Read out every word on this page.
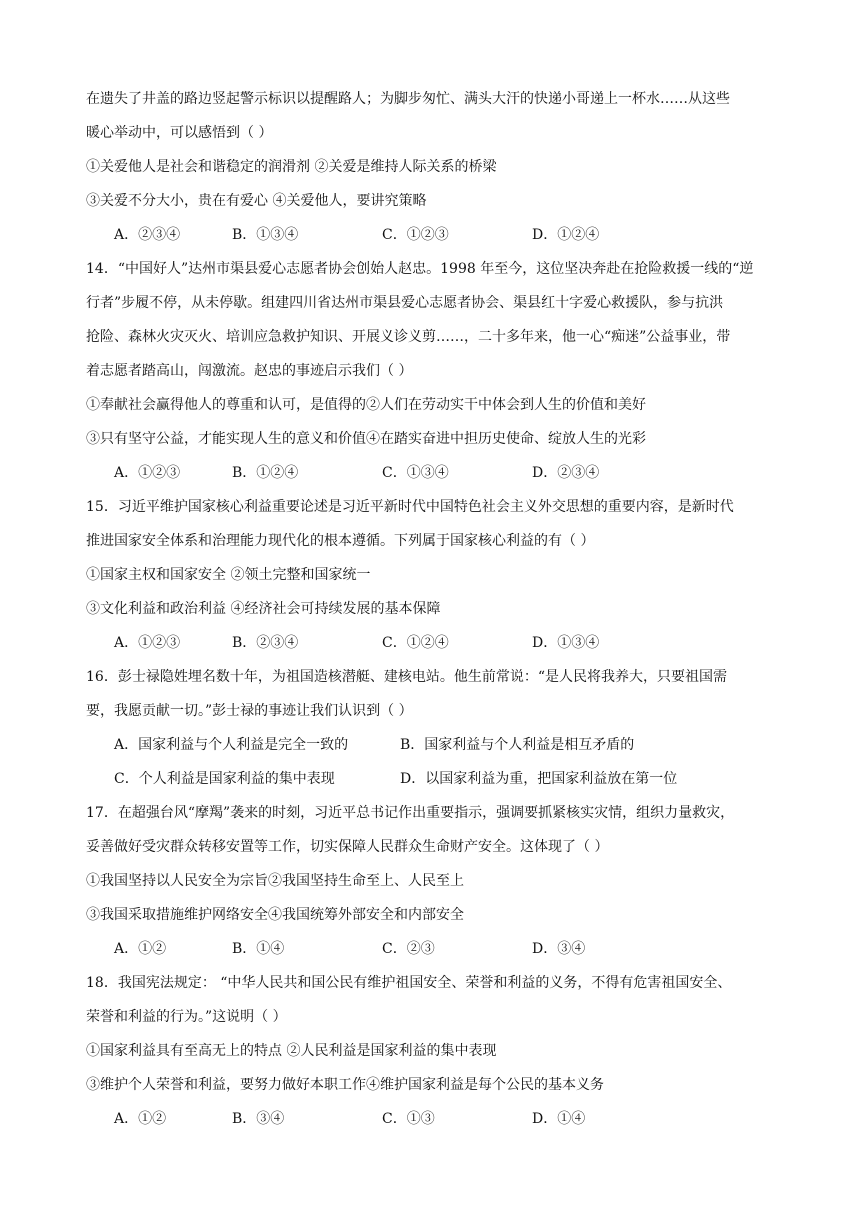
在遗失了井盖的路边竖起警示标识以提醒路人；为脚步匆忙、满头大汗的快递小哥递上一杯水……从这些
暖心举动中，可以感悟到（ ）
①关爱他人是社会和谐稳定的润滑剂 ②关爱是维持人际关系的桥梁
③关爱不分大小，贵在有爱心 ④关爱他人，要讲究策略
A．②③④	B．①③④	C．①②③	D．①②④
14．“中国好人”达州市渠县爱心志愿者协会创始人赵忠。1998 年至今，这位坚决奔赴在抢险救援一线的“逆
行者”步履不停，从未停歇。组建四川省达州市渠县爱心志愿者协会、渠县红十字爱心救援队，参与抗洪
抢险、森林火灾灭火、培训应急救护知识、开展义诊义剪……，二十多年来，他一心“痴迷”公益事业，带
着志愿者踏高山，闯激流。赵忠的事迹启示我们（ ）
①奉献社会赢得他人的尊重和认可，是值得的②人们在劳动实干中体会到人生的价值和美好
③只有坚守公益，才能实现人生的意义和价值④在踏实奋进中担历史使命、绽放人生的光彩
A．①②③	B．①②④	C．①③④	D．②③④
15．习近平维护国家核心利益重要论述是习近平新时代中国特色社会主义外交思想的重要内容，是新时代
推进国家安全体系和治理能力现代化的根本遵循。下列属于国家核心利益的有（ ）
①国家主权和国家安全 ②领土完整和国家统一
③文化利益和政治利益 ④经济社会可持续发展的基本保障
A．①②③	B．②③④	C．①②④	D．①③④
16．彭士禄隐姓埋名数十年，为祖国造核潜艇、建核电站。他生前常说：“是人民将我养大，只要祖国需
要，我愿贡献一切。”彭士禄的事迹让我们认识到（ ）
A．国家利益与个人利益是完全一致的	B．国家利益与个人利益是相互矛盾的
C．个人利益是国家利益的集中表现	D．以国家利益为重，把国家利益放在第一位
17．在超强台风“摩羯”袭来的时刻，习近平总书记作出重要指示，强调要抓紧核实灾情，组织力量救灾，
妥善做好受灾群众转移安置等工作，切实保障人民群众生命财产安全。这体现了（ ）
①我国坚持以人民安全为宗旨②我国坚持生命至上、人民至上
③我国采取措施维护网络安全④我国统筹外部安全和内部安全
A．①②	B．①④	C．②③	D．③④
18．我国宪法规定： “中华人民共和国公民有维护祖国安全、荣誉和利益的义务，不得有危害祖国安全、
荣誉和利益的行为。”这说明（ ）
①国家利益具有至高无上的特点 ②人民利益是国家利益的集中表现
③维护个人荣誉和利益，要努力做好本职工作④维护国家利益是每个公民的基本义务
A．①②	B．③④	C．①③	D．①④
